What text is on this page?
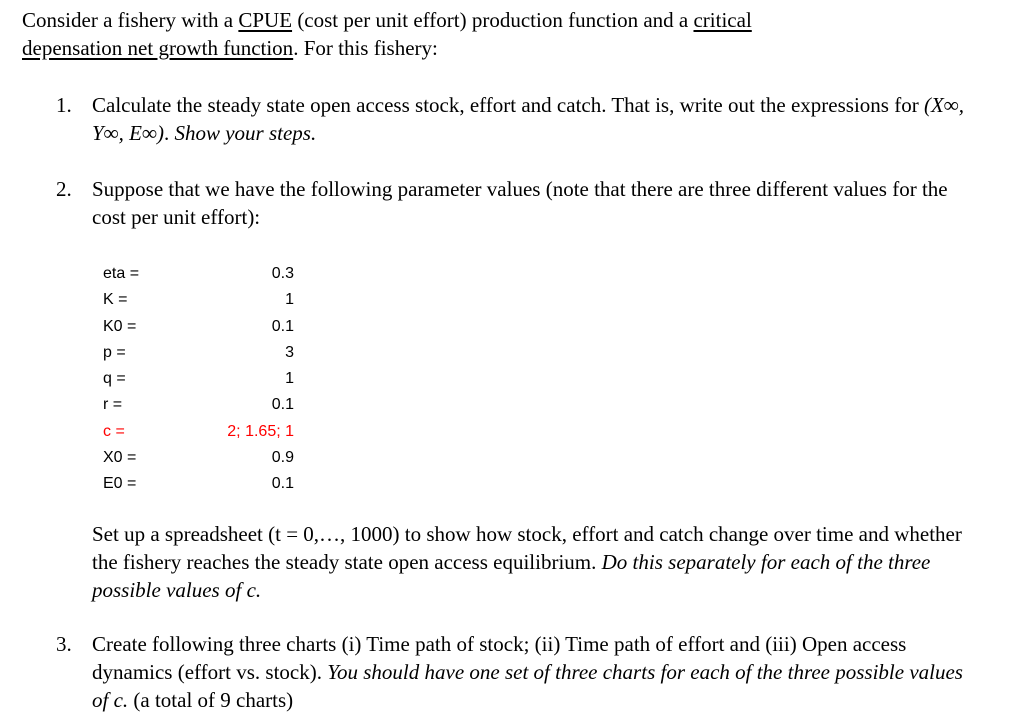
Consider a fishery with a CPUE (cost per unit effort) production function and a critical
depensation net growth function. For this fishery:
1. Calculate the steady state open access stock, effort and catch. That is, write out the expressions for (X∞, Y∞, E∞). Show your steps.
2. Suppose that we have the following parameter values (note that there are three different values for the cost per unit effort):
eta =	0.3
K =	1
K0 =	0.1
p =	3
q =	1
r =	0.1
c =	2; 1.65; 1
X0 =	0.9
E0 =	0.1
Set up a spreadsheet (t = 0,…, 1000) to show how stock, effort and catch change over time and whether the fishery reaches the steady state open access equilibrium. Do this separately for each of the three possible values of c.
3. Create following three charts (i) Time path of stock; (ii) Time path of effort and (iii) Open access dynamics (effort vs. stock). You should have one set of three charts for each of the three possible values of c. (a total of 9 charts)
